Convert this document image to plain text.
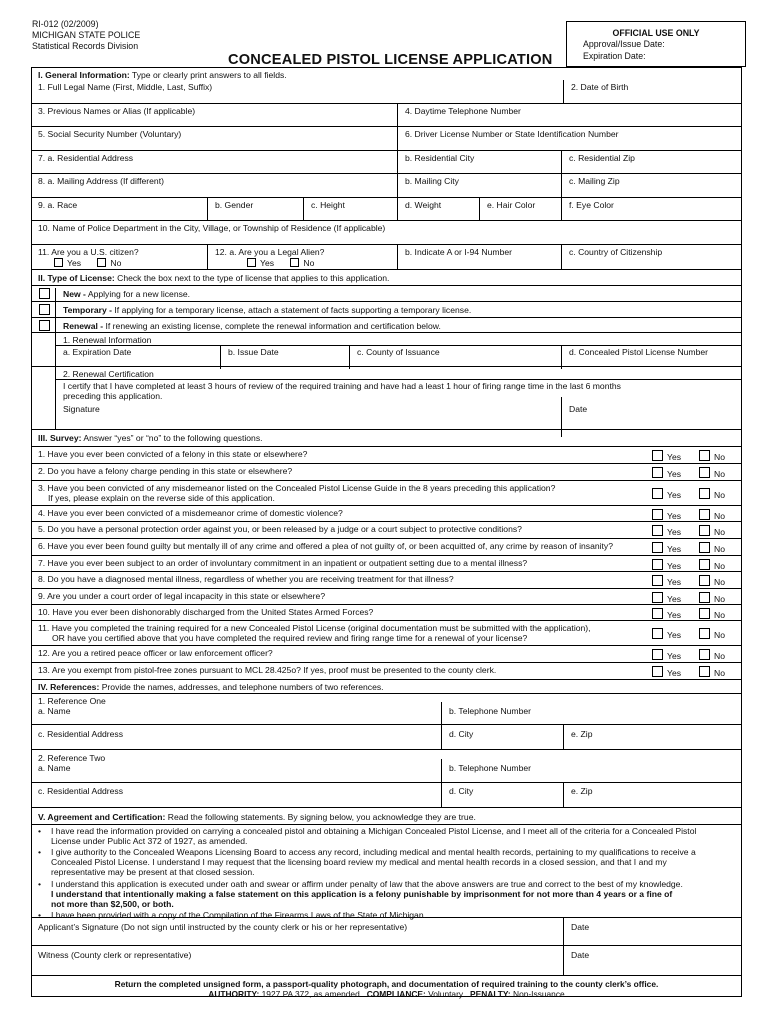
RI-012 (02/2009)
MICHIGAN STATE POLICE
Statistical Records Division
CONCEALED PISTOL LICENSE APPLICATION
OFFICIAL USE ONLY
Approval/Issue Date:
Expiration Date:
I. General Information: Type or clearly print answers to all fields.
1. Full Legal Name (First, Middle, Last, Suffix)	2. Date of Birth
3. Previous Names or Alias (If applicable)	4. Daytime Telephone Number
5. Social Security Number (Voluntary)	6. Driver License Number or State Identification Number
7. a. Residential Address	b. Residential City	c. Residential Zip
8. a. Mailing Address (If different)	b. Mailing City	c. Mailing Zip
9. a. Race	b. Gender	c. Height	d. Weight	e. Hair Color	f. Eye Color
10. Name of Police Department in the City, Village, or Township of Residence (If applicable)
11. Are you a U.S. citizen?
Yes	No
12. a. Are you a Legal Alien?
Yes	No
b. Indicate A or I-94 Number	c. Country of Citizenship
II. Type of License: Check the box next to the type of license that applies to this application.
New - Applying for a new license.
Temporary - If applying for a temporary license, attach a statement of facts supporting a temporary license.
Renewal - If renewing an existing license, complete the renewal information and certification below.
1. Renewal Information
a. Expiration Date	b. Issue Date	c. County of Issuance	d. Concealed Pistol License Number
2. Renewal Certification
I certify that I have completed at least 3 hours of review of the required training and have had a least 1 hour of firing range time in the last 6 months
preceding this application.
Signature	Date
III. Survey: Answer “yes” or “no” to the following questions.
1. Have you ever been convicted of a felony in this state or elsewhere?	Yes	No
2. Do you have a felony charge pending in this state or elsewhere?	Yes	No
3. Have you been convicted of any misdemeanor listed on the Concealed Pistol License Guide in the 8 years preceding this application?
If yes, please explain on the reverse side of this application.	Yes	No
4. Have you ever been convicted of a misdemeanor crime of domestic violence?	Yes	No
5. Do you have a personal protection order against you, or been released by a judge or a court subject to protective conditions?	Yes	No
6. Have you ever been found guilty but mentally ill of any crime and offered a plea of not guilty of, or been acquitted of, any crime by reason of insanity?	Yes	No
7. Have you ever been subject to an order of involuntary commitment in an inpatient or outpatient setting due to a mental illness?	Yes	No
8. Do you have a diagnosed mental illness, regardless of whether you are receiving treatment for that illness?	Yes	No
9. Are you under a court order of legal incapacity in this state or elsewhere?	Yes	No
10. Have you ever been dishonorably discharged from the United States Armed Forces?	Yes	No
11. Have you completed the training required for a new Concealed Pistol License (original documentation must be submitted with the application),
OR have you certified above that you have completed the required review and firing range time for a renewal of your license?	Yes	No
12. Are you a retired peace officer or law enforcement officer?	Yes	No
13. Are you exempt from pistol-free zones pursuant to MCL 28.425o? If yes, proof must be presented to the county clerk.	Yes	No
IV. References: Provide the names, addresses, and telephone numbers of two references.
1. Reference One
a. Name	b. Telephone Number
c. Residential Address	d. City	e. Zip
2. Reference Two
a. Name	b. Telephone Number
c. Residential Address	d. City	e. Zip
V. Agreement and Certification: Read the following statements. By signing below, you acknowledge they are true.
• I have read the information provided on carrying a concealed pistol and obtaining a Michigan Concealed Pistol License, and I meet all of the criteria for a Concealed Pistol
License under Public Act 372 of 1927, as amended.
• I give authority to the Concealed Weapons Licensing Board to access any record, including medical and mental health records, pertaining to my qualifications to receive a
Concealed Pistol License. I understand I may request that the licensing board review my medical and mental health records in a closed session, and that I and my
representative may be present at that closed session.
• I understand this application is executed under oath and swear or affirm under penalty of law that the above answers are true and correct to the best of my knowledge.
I understand that intentionally making a false statement on this application is a felony punishable by imprisonment for not more than 4 years or a fine of
not more than $2,500, or both.
• I have been provided with a copy of the Compilation of the Firearms Laws of the State of Michigan.
Applicant’s Signature (Do not sign until instructed by the county clerk or his or her representative)	Date
Witness (County clerk or representative)	Date
Return the completed unsigned form, a passport-quality photograph, and documentation of required training to the county clerk’s office.
AUTHORITY: 1927 PA 372, as amended COMPLIANCE: Voluntary PENALTY: Non-Issuance
